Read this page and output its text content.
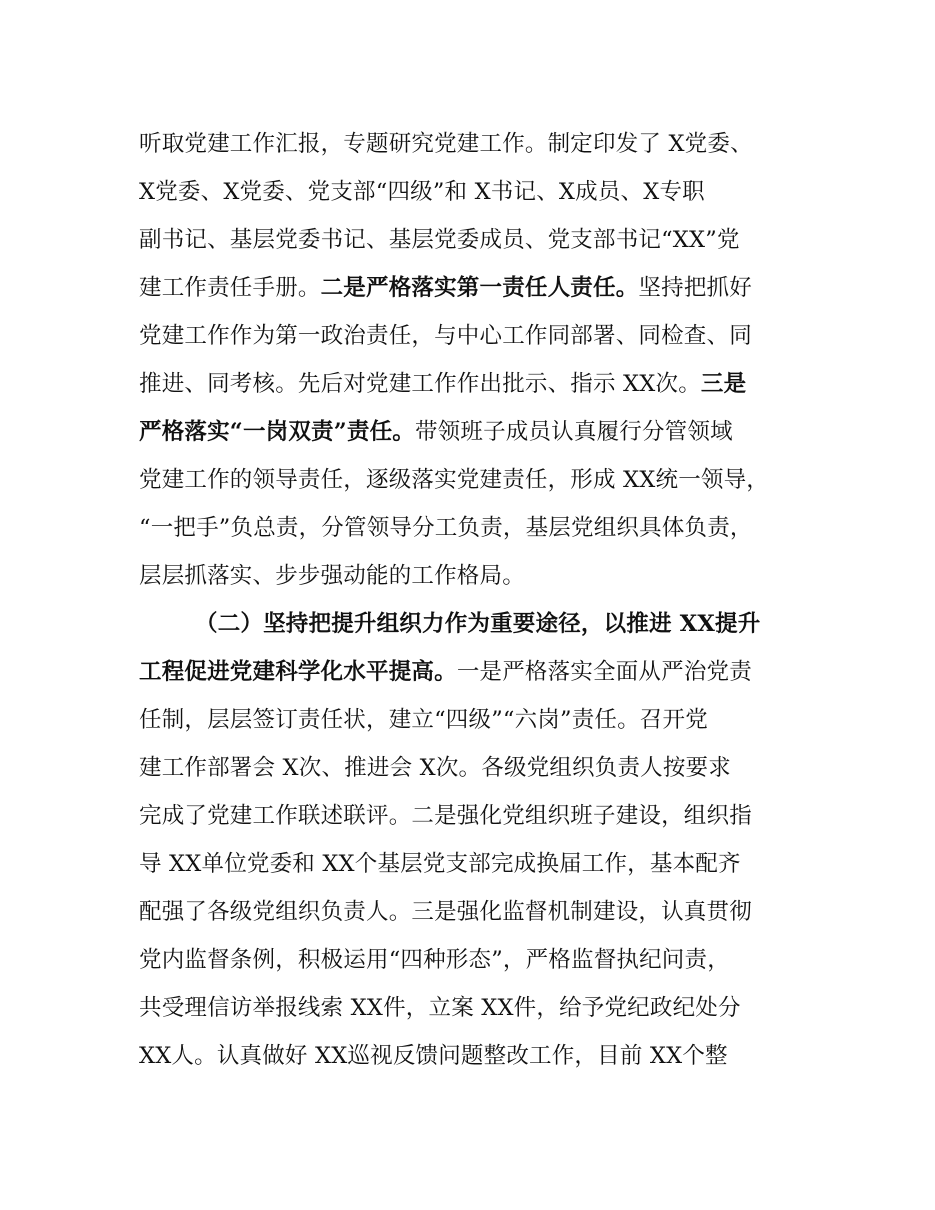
听取党建工作汇报，专题研究党建工作。制定印发了 X党委、
X党委、X党委、党支部“四级”和 X书记、X成员、X专职
副书记、基层党委书记、基层党委成员、党支部书记“XX”党
建工作责任手册。二是严格落实第一责任人责任。坚持把抓好
党建工作作为第一政治责任，与中心工作同部署、同检查、同
推进、同考核。先后对党建工作作出批示、指示 XX次。三是
严格落实“一岗双责”责任。带领班子成员认真履行分管领域
党建工作的领导责任，逐级落实党建责任，形成 XX统一领导，
“一把手”负总责，分管领导分工负责，基层党组织具体负责，
层层抓落实、步步强动能的工作格局。
（二）坚持把提升组织力作为重要途径，以推进 XX提升
工程促进党建科学化水平提高。一是严格落实全面从严治党责
任制，层层签订责任状，建立“四级”“六岗”责任。召开党
建工作部署会 X次、推进会 X次。各级党组织负责人按要求
完成了党建工作联述联评。二是强化党组织班子建设，组织指
导 XX单位党委和 XX个基层党支部完成换届工作，基本配齐
配强了各级党组织负责人。三是强化监督机制建设，认真贯彻
党内监督条例，积极运用“四种形态”，严格监督执纪问责，
共受理信访举报线索 XX件，立案 XX件，给予党纪政纪处分
XX人。认真做好 XX巡视反馈问题整改工作，目前 XX个整
